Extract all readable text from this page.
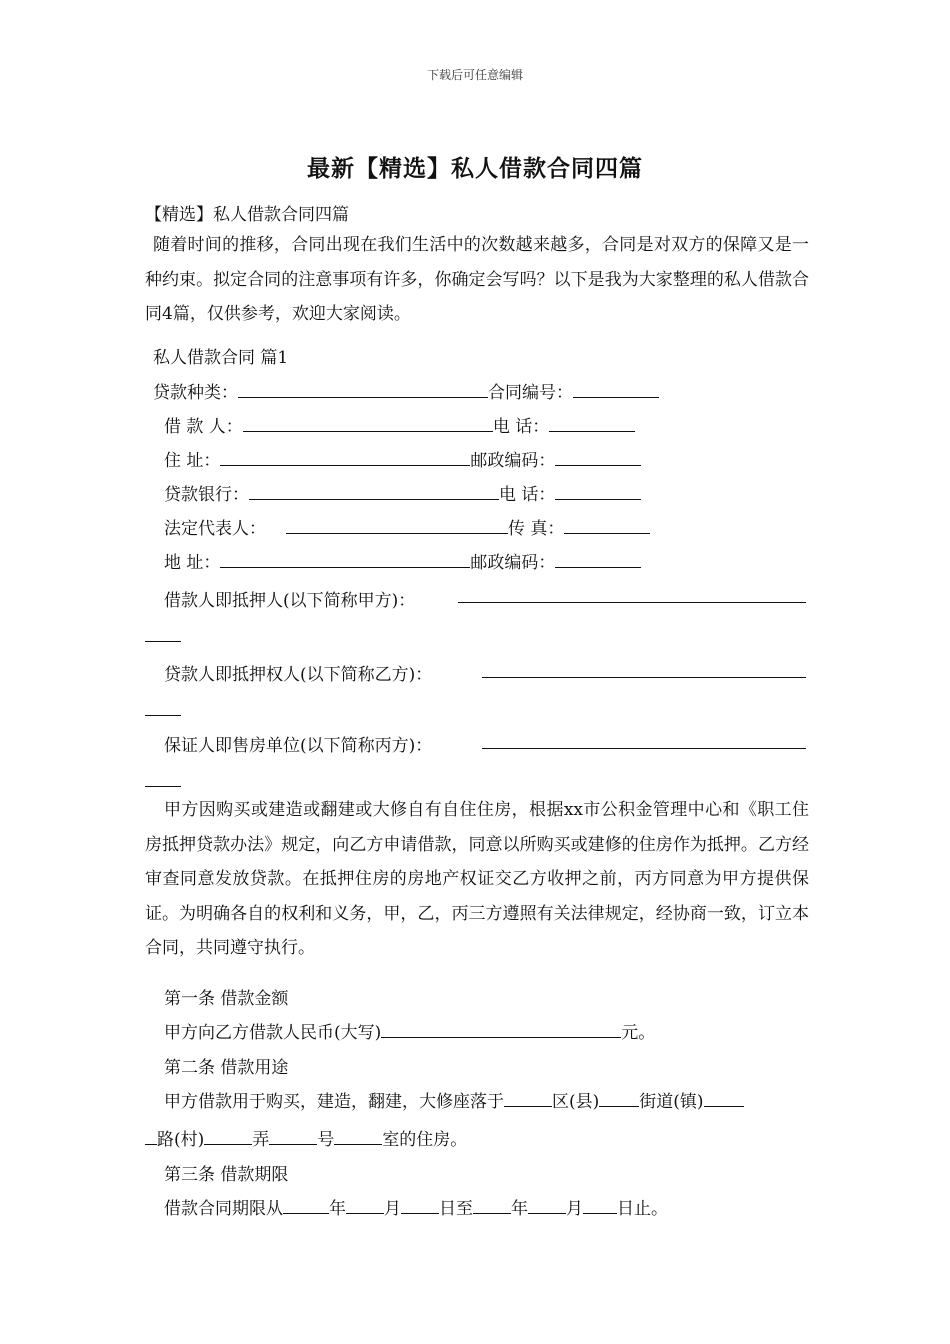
下载后可任意编辑
最新【精选】私人借款合同四篇
【精选】私人借款合同四篇
随着时间的推移，合同出现在我们生活中的次数越来越多，合同是对双方的保障又是一种约束。拟定合同的注意事项有许多，你确定会写吗？以下是我为大家整理的私人借款合同4篇，仅供参考，欢迎大家阅读。
私人借款合同 篇1
贷款种类：	合同编号：
借 款 人：	电 话：
住 址：	邮政编码：
贷款银行：	电 话：
法定代表人：	传 真：
地 址：	邮政编码：
借款人即抵押人(以下简称甲方)：
贷款人即抵押权人(以下简称乙方)：
保证人即售房单位(以下简称丙方)：
甲方因购买或建造或翻建或大修自有自住住房，根据xx市公积金管理中心和《职工住房抵押贷款办法》规定，向乙方申请借款，同意以所购买或建修的住房作为抵押。乙方经审查同意发放贷款。在抵押住房的房地产权证交乙方收押之前，丙方同意为甲方提供保证。为明确各自的权利和义务，甲，乙，丙三方遵照有关法律规定，经协商一致，订立本合同，共同遵守执行。
第一条 借款金额
甲方向乙方借款人民币(大写)	元。
第二条 借款用途
甲方借款用于购买，建造，翻建，大修座落于	区(县) 街道(镇)
路(村)	弄	号	室的住房。
第三条 借款期限
借款合同期限从	年 月 日至 年 月 日止。
